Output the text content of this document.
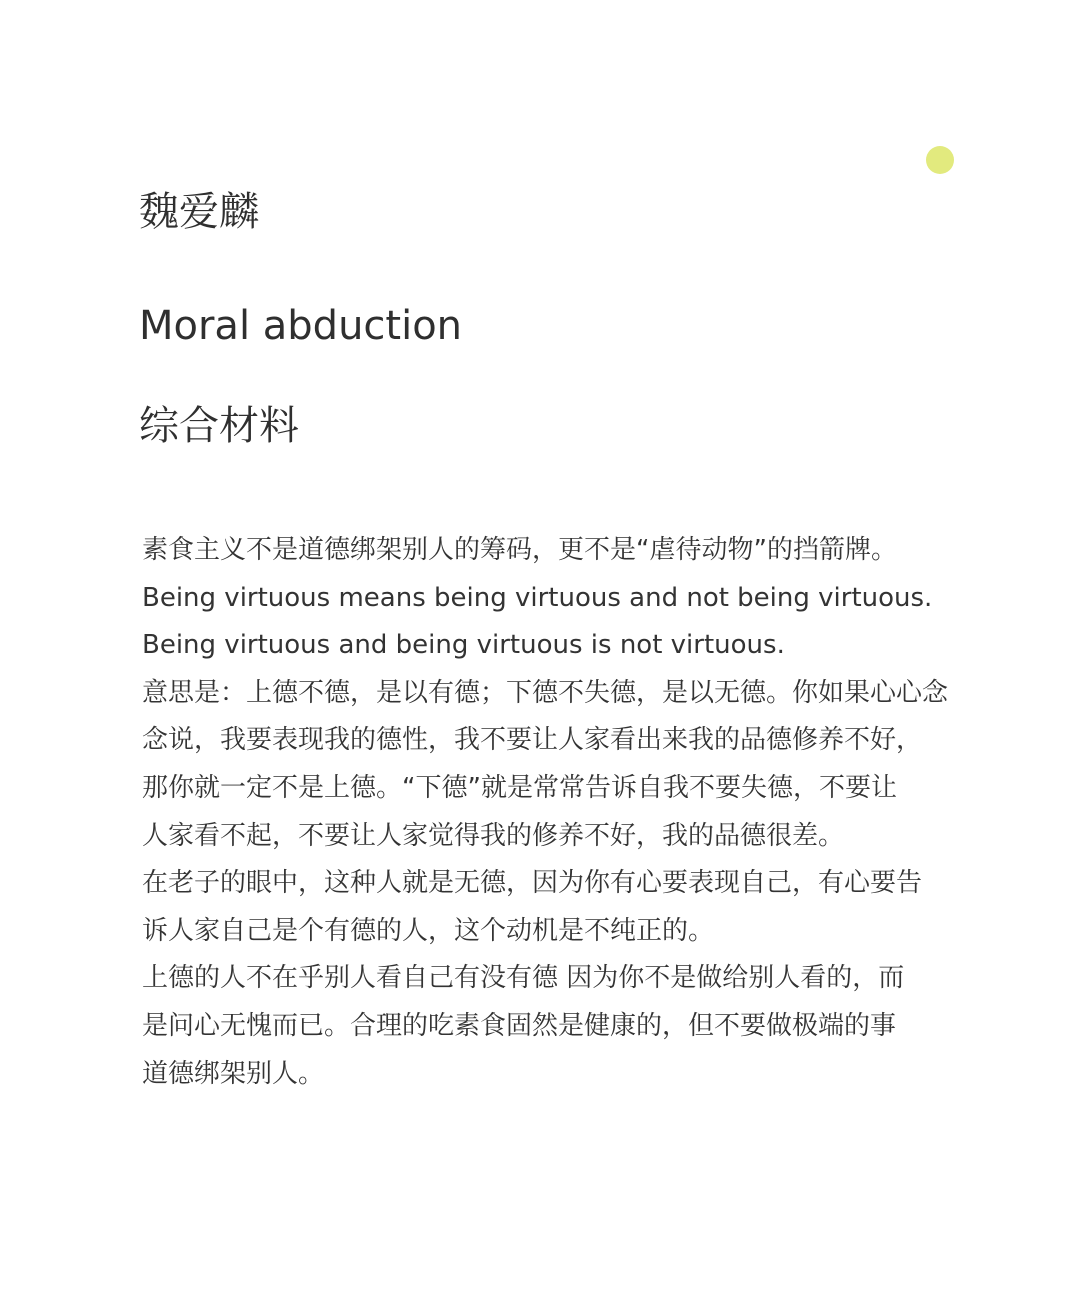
魏爱麟
Moral abduction
综合材料
素食主义不是道德绑架别人的筹码，更不是“虐待动物”的挡箭牌。
Being virtuous means being virtuous and not being virtuous.
Being virtuous and being virtuous is not virtuous.
意思是：上德不德，是以有德；下德不失德，是以无德。你如果心心念
念说，我要表现我的德性，我不要让人家看出来我的品德修养不好，
那你就一定不是上德。“下德”就是常常告诉自我不要失德，不要让
人家看不起，不要让人家觉得我的修养不好，我的品德很差。
在老子的眼中，这种人就是无德，因为你有心要表现自己，有心要告
诉人家自己是个有德的人，这个动机是不纯正的。
上德的人不在乎别人看自己有没有德 因为你不是做给别人看的，而
是问心无愧而已。合理的吃素食固然是健康的，但不要做极端的事
道德绑架别人。
